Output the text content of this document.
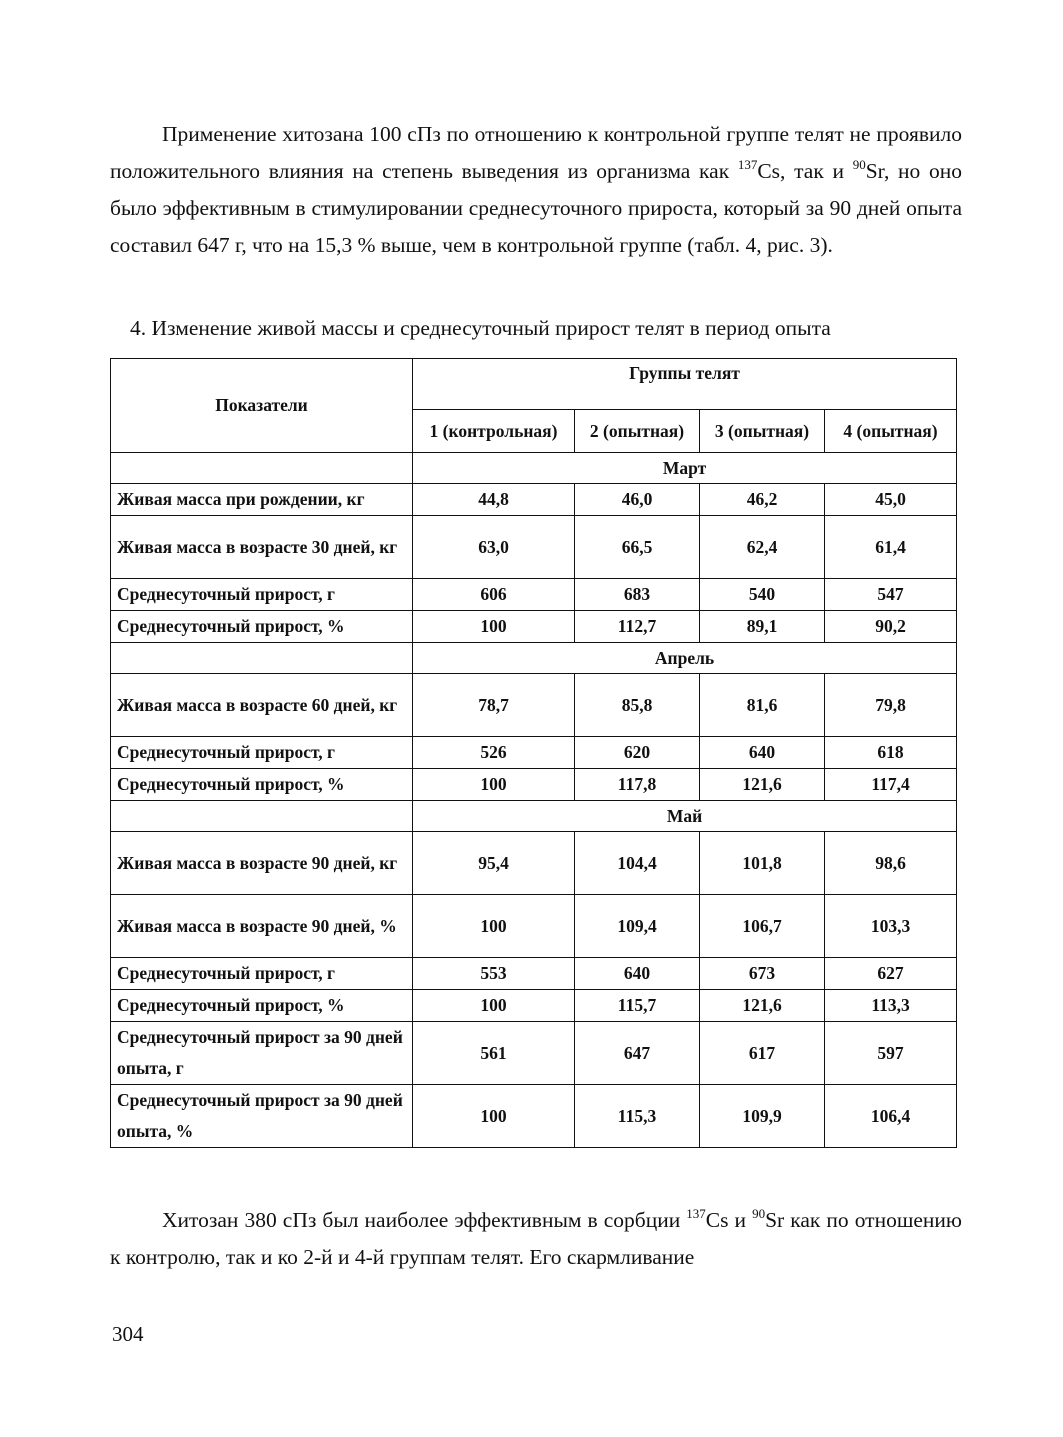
Применение хитозана 100 сПз по отношению к контрольной группе телят не проявило положительного влияния на степень выведения из организма как $^{137}$Cs, так и $^{90}$Sr, но оно было эффективным в стимулировании среднесуточного прироста, который за 90 дней опыта составил 647 г, что на 15,3 % выше, чем в контрольной группе (табл. 4, рис. 3).

4. Изменение живой массы и среднесуточный прирост телят в период опыта
Показатели	Группы телят			
	1 (контрольная)	2 (опытная)	3 (опытная)	4 (опытная)
	Март			
Живая масса при рождении, кг	44,8	46,0	46,2	45,0
Живая масса в возрасте 30 дней, кг	63,0	66,5	62,4	61,4
Среднесуточный прирост, г	606	683	540	547
Среднесуточный прирост, %	100	112,7	89,1	90,2
	Апрель			
Живая масса в возрасте 60 дней, кг	78,7	85,8	81,6	79,8
Среднесуточный прирост, г	526	620	640	618
Среднесуточный прирост, %	100	117,8	121,6	117,4
	Май			
Живая масса в возрасте 90 дней, кг	95,4	104,4	101,8	98,6
Живая масса в возрасте 90 дней, %	100	109,4	106,7	103,3
Среднесуточный прирост, г	553	640	673	627
Среднесуточный прирост, %	100	115,7	121,6	113,3
Среднесуточный прирост за 90 дней опыта, г	561	647	617	597
Среднесуточный прирост за 90 дней опыта, %	100	115,3	109,9	106,4

Хитозан 380 сПз был наиболее эффективным в сорбции $^{137}$Cs и $^{90}$Sr как по отношению к контролю, так и ко 2-й и 4-й группам телят. Его скармливание

304
